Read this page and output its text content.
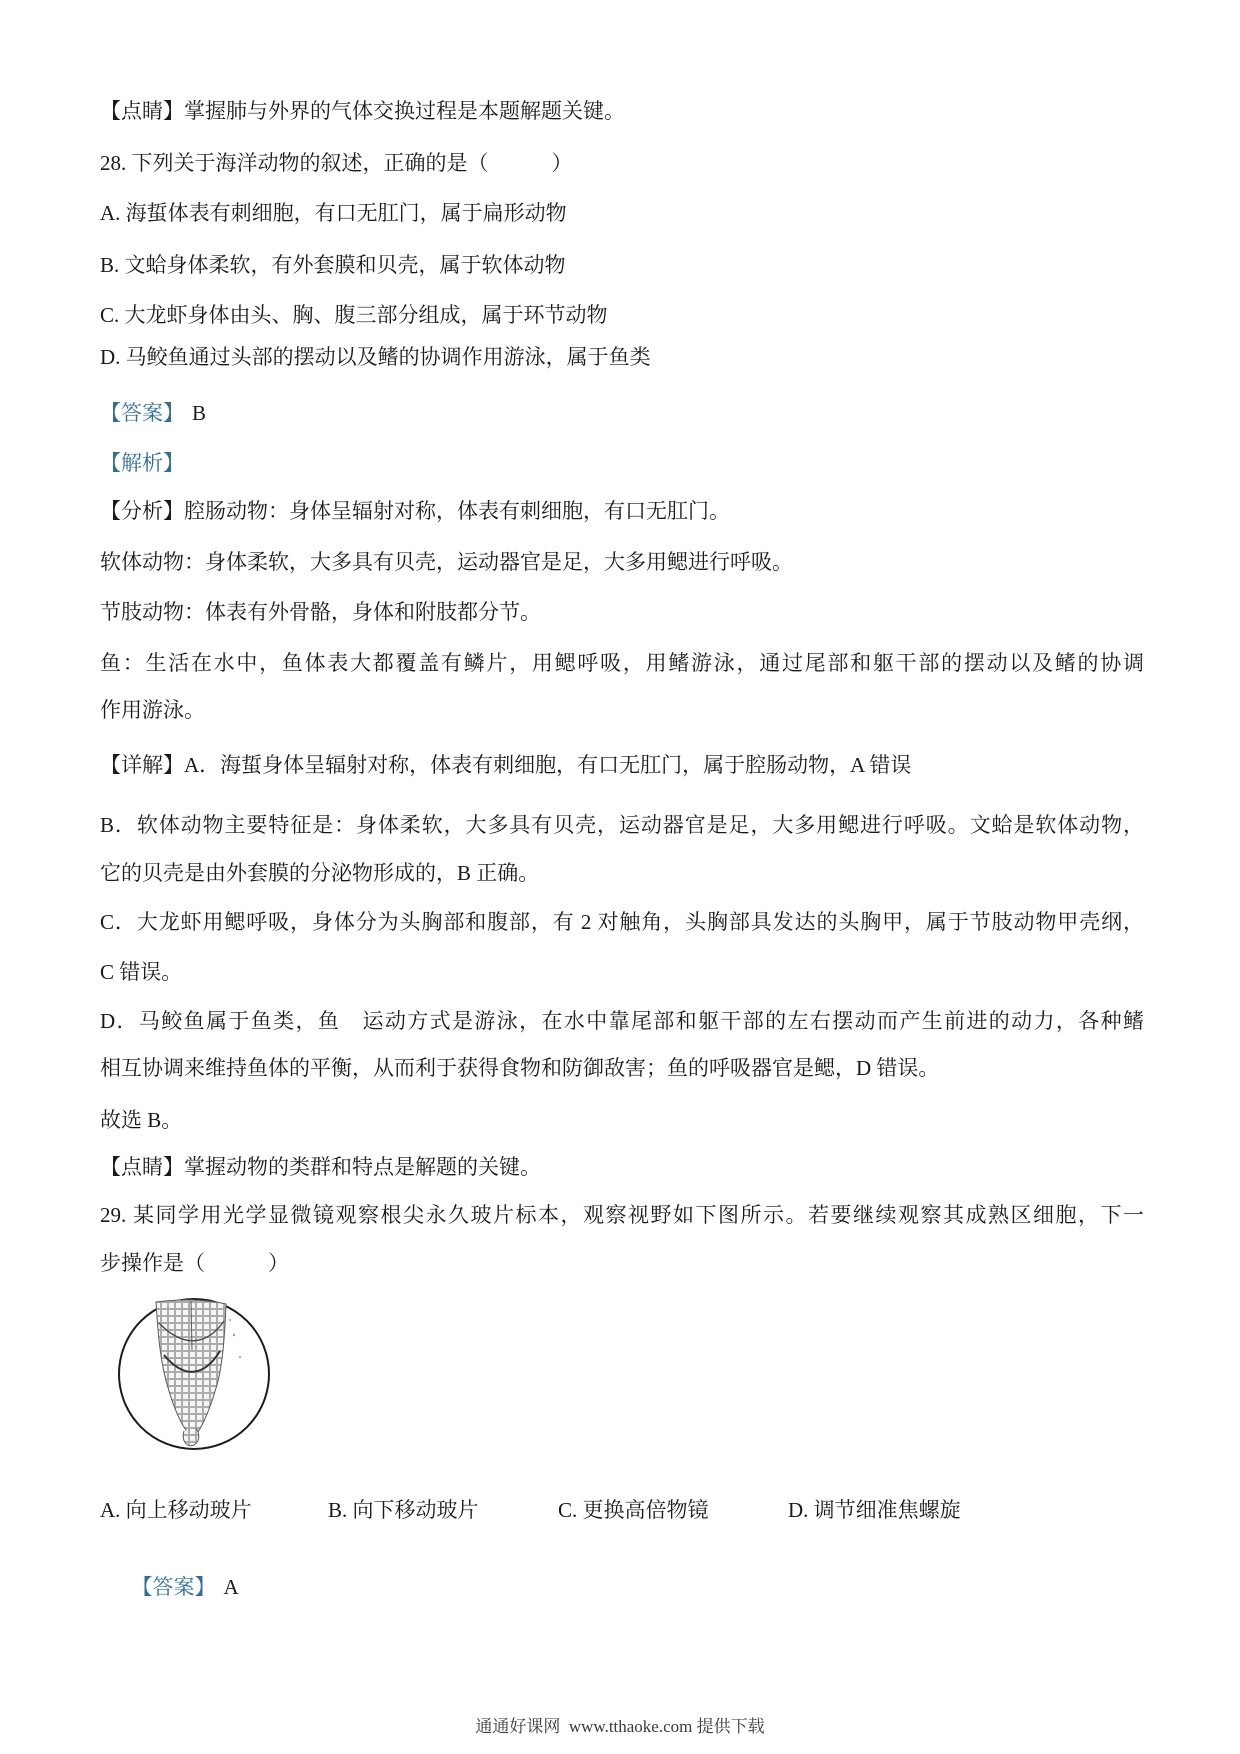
步操作是（　　　）
29. 某同学用光学显微镜观察根尖永久玻片标本，观察视野如下图所示。若要继续观察其成熟区细胞，下一
【点睛】掌握动物的类群和特点是解题的关键。
故选 B。
相互协调来维持鱼体的平衡，从而利于获得食物和防御敌害；鱼的呼吸器官是鳃，D 错误。
D．马鲛鱼属于鱼类，鱼　运动方式是游泳，在水中靠尾部和躯干部的左右摆动而产生前进的动力，各种鳍
C 错误。
C．大龙虾用鳃呼吸，身体分为头胸部和腹部，有 2 对触角，头胸部具发达的头胸甲，属于节肢动物甲壳纲，
它的贝壳是由外套膜的分泌物形成的，B 正确。
B．软体动物主要特征是：身体柔软，大多具有贝壳，运动器官是足，大多用鳃进行呼吸。文蛤是软体动物，
【详解】A．海蜇身体呈辐射对称，体表有刺细胞，有口无肛门，属于腔肠动物，A 错误
作用游泳。
鱼：生活在水中，鱼体表大都覆盖有鳞片，用鳃呼吸，用鳍游泳，通过尾部和躯干部的摆动以及鳍的协调
节肢动物：体表有外骨骼，身体和附肢都分节。
软体动物：身体柔软，大多具有贝壳，运动器官是足，大多用鳃进行呼吸。
【分析】腔肠动物：身体呈辐射对称，体表有刺细胞，有口无肛门。
【解析】
【答案】 B
D. 马鲛鱼通过头部的摆动以及鳍的协调作用游泳，属于鱼类
C. 大龙虾身体由头、胸、腹三部分组成，属于环节动物
B. 文蛤身体柔软，有外套膜和贝壳，属于软体动物
A. 海蜇体表有刺细胞，有口无肛门，属于扁形动物
28. 下列关于海洋动物的叙述，正确的是（　　　）
【点睛】掌握肺与外界的气体交换过程是本题解题关键。
A. 向上移动玻片	B. 向下移动玻片	C. 更换高倍物镜	D. 调节细准焦螺旋

【答案】 A

通通好课网  www.tthaoke.com 提供下载
